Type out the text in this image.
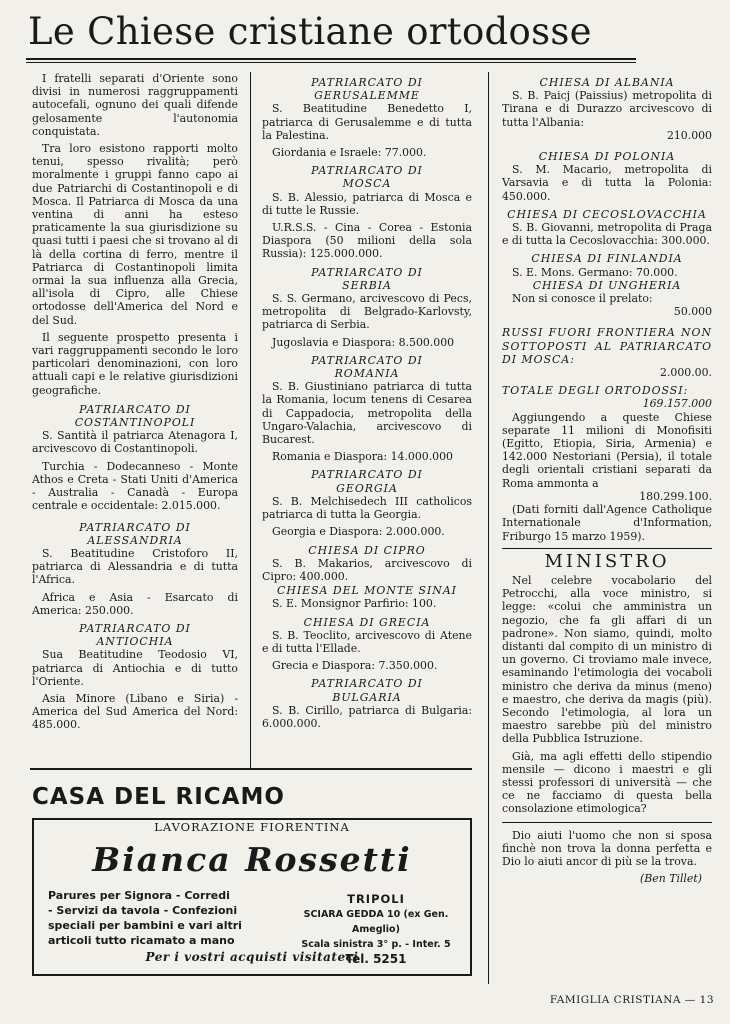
Le Chiese cristiane ortodosse

I fratelli separati d'Oriente sono divisi in numerosi raggruppamenti autocefali, ognuno dei quali difende gelosamente l'autonomia conquistata.

Tra loro esistono rapporti molto tenui, spesso rivalità; però moralmente i gruppi fanno capo ai due Patriarchi di Costantinopoli e di Mosca. Il Patriarca di Mosca da una ventina di anni ha esteso praticamente la sua giurisdizione su quasi tutti i paesi che si trovano al di là della cortina di ferro, mentre il Patriarca di Costantinopoli limita ormai la sua influenza alla Grecia, all'isola di Cipro, alle Chiese ortodosse dell'America del Nord e del Sud.

Il seguente prospetto presenta i vari raggruppamenti secondo le loro particolari denominazioni, con loro attuali capi e le relative giurisdizioni geografiche.

PATRIARCATO DI

COSTANTINOPOLI

S. Santità il patriarca Atenagora I, arcivescovo di Costantinopoli.

Turchia - Dodecanneso - Monte Athos e Creta - Stati Uniti d'America - Australia - Canadà - Europa centrale e occidentale: 2.015.000.

PATRIARCATO DI

ALESSANDRIA

S. Beatitudine Cristoforo II, patriarca di Alessandria e di tutta l'Africa.

Africa e Asia - Esarcato di America: 250.000.

PATRIARCATO DI

ANTIOCHIA

Sua Beatitudine Teodosio VI, patriarca di Antiochia e di tutto l'Oriente.

Asia Minore (Libano e Siria) - America del Sud America del Nord: 485.000.

PATRIARCATO DI

GERUSALEMME

S. Beatitudine Benedetto I, patriarca di Gerusalemme e di tutta la Palestina.

Giordania e Israele: 77.000.

PATRIARCATO DI

MOSCA

S. B. Alessio, patriarca di Mosca e di tutte le Russie.

U.R.S.S. - Cina - Corea - Estonia Diaspora (50 milioni della sola Russia): 125.000.000.

PATRIARCATO DI

SERBIA

S. S. Germano, arcivescovo di Pecs, metropolita di Belgrado-Karlovsty, patriarca di Serbia.

Jugoslavia e Diaspora: 8.500.000

PATRIARCATO DI

ROMANIA

S. B. Giustiniano patriarca di tutta la Romania, locum tenens di Cesarea di Cappadocia, metropolita della Ungaro-Valachia, arcivescovo di Bucarest.

Romania e Diaspora: 14.000.000

PATRIARCATO DI

GEORGIA

S. B. Melchisedech III catholicos patriarca di tutta la Georgia.

Georgia e Diaspora: 2.000.000.

CHIESA DI CIPRO

S. B. Makarios, arcivescovo di Cipro: 400.000.

CHIESA DEL MONTE SINAI

S. E. Monsignor Parfirio: 100.

CHIESA DI GRECIA

S. B. Teoclito, arcivescovo di Atene e di tutta l'Ellade.

Grecia e Diaspora: 7.350.000.

PATRIARCATO DI

BULGARIA

S. B. Cirillo, patriarca di Bulgaria: 6.000.000.

CHIESA DI ALBANIA

S. B. Paicj (Paissius) metropolita di Tirana e di Durazzo arcivescovo di tutta l'Albania:

210.000

CHIESA DI POLONIA

S. M. Macario, metropolita di Varsavia e di tutta la Polonia: 450.000.

CHIESA DI CECOSLOVACCHIA

S. B. Giovanni, metropolita di Praga e di tutta la Cecoslovacchia: 300.000.

CHIESA DI FINLANDIA

S. E. Mons. Germano: 70.000.

CHIESA DI UNGHERIA

Non si conosce il prelato:

50.000

RUSSI FUORI FRONTIERA NON SOTTOPOSTI AL PATRIARCATO DI MOSCA:

2.000.00.

TOTALE DEGLI ORTODOSSI:

169.157.000

Aggiungendo a queste Chiese separate 11 milioni di Monofisiti (Egitto, Etiopia, Siria, Armenia) e 142.000 Nestoriani (Persia), il totale degli orientali cristiani separati da Roma ammonta a

180.299.100.

(Dati forniti dall'Agence Catholique Internationale d'Information, Friburgo 15 marzo 1959).

MINISTRO

Nel celebre vocabolario del Petrocchi, alla voce ministro, si legge: «colui che amministra un negozio, che fa gli affari di un padrone». Non siamo, quindi, molto distanti dal compito di un ministro di un governo. Ci troviamo male invece, esaminando l'etimologia dei vocaboli ministro che deriva da minus (meno) e maestro, che deriva da magis (più). Secondo l'etimologia, al lora un maestro sarebbe più del ministro della Pubblica Istruzione.

Già, ma agli effetti dello stipendio mensile — dicono i maestri e gli stessi professori di università — che ce ne facciamo di questa bella consolazione etimologica?

Dio aiuti l'uomo che non si sposa finchè non trova la donna perfetta e Dio lo aiuti ancor di più se la trova.

(Ben Tillet)

CASA DEL RICAMO
LAVORAZIONE FIORENTINA
Bianca Rossetti
Parures per Signora - Corredi
- Servizi da tavola - Confezioni
speciali per bambini e vari altri
articoli tutto ricamato a mano
TRIPOLI
SCIARA GEDDA 10 (ex Gen. Ameglio)
Scala sinistra 3° p. - Inter. 5
Tel. 5251
Per i vostri acquisti visitateci
FAMIGLIA CRISTIANA — 13
